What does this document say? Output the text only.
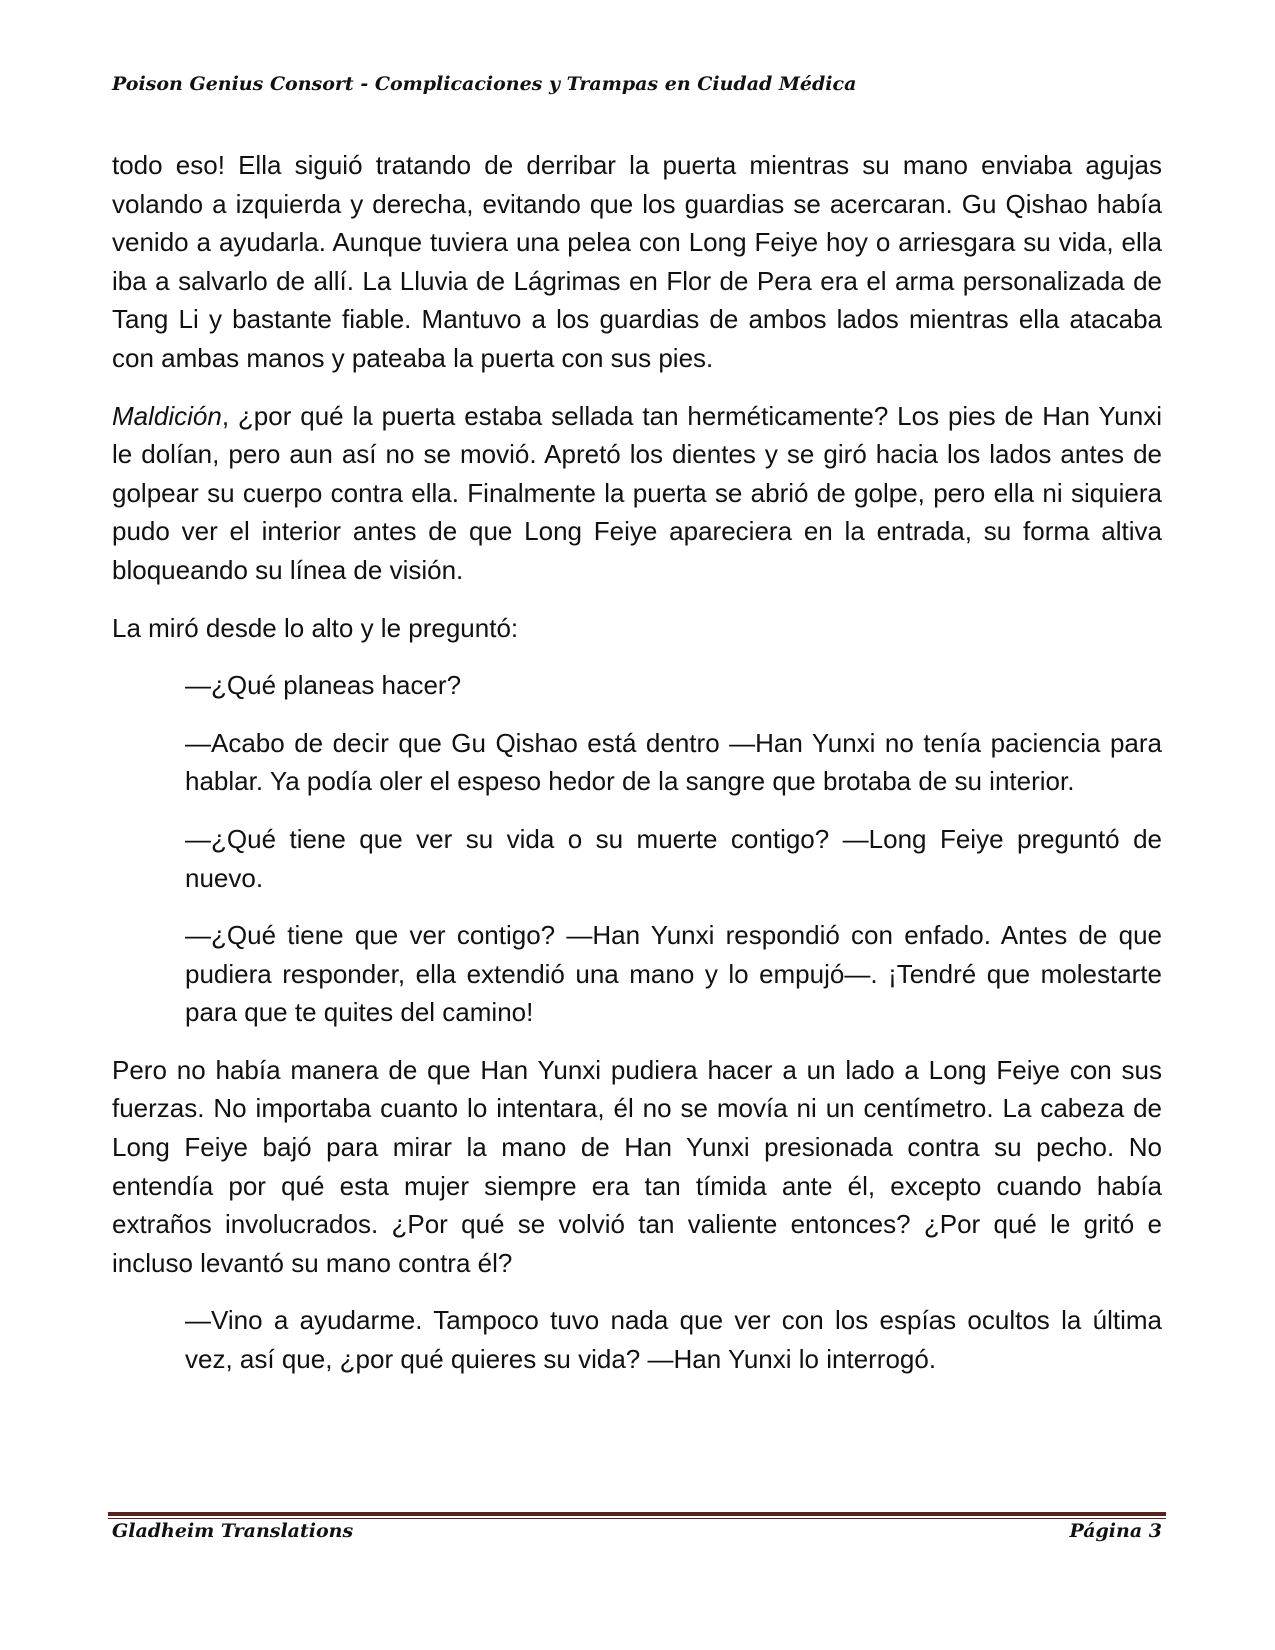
Poison Genius Consort - Complicaciones y Trampas en Ciudad Médica

todo eso! Ella siguió tratando de derribar la puerta mientras su mano enviaba agujas volando a izquierda y derecha, evitando que los guardias se acercaran. Gu Qishao había venido a ayudarla. Aunque tuviera una pelea con Long Feiye hoy o arriesgara su vida, ella iba a salvarlo de allí. La Lluvia de Lágrimas en Flor de Pera era el arma personalizada de Tang Li y bastante fiable. Mantuvo a los guardias de ambos lados mientras ella atacaba con ambas manos y pateaba la puerta con sus pies.

Maldición, ¿por qué la puerta estaba sellada tan herméticamente? Los pies de Han Yunxi le dolían, pero aun así no se movió. Apretó los dientes y se giró hacia los lados antes de golpear su cuerpo contra ella. Finalmente la puerta se abrió de golpe, pero ella ni siquiera pudo ver el interior antes de que Long Feiye apareciera en la entrada, su forma altiva bloqueando su línea de visión.

La miró desde lo alto y le preguntó:

—¿Qué planeas hacer?

—Acabo de decir que Gu Qishao está dentro —Han Yunxi no tenía paciencia para hablar. Ya podía oler el espeso hedor de la sangre que brotaba de su interior.

—¿Qué tiene que ver su vida o su muerte contigo? —Long Feiye preguntó de nuevo.

—¿Qué tiene que ver contigo? —Han Yunxi respondió con enfado. Antes de que pudiera responder, ella extendió una mano y lo empujó—. ¡Tendré que molestarte para que te quites del camino!

Pero no había manera de que Han Yunxi pudiera hacer a un lado a Long Feiye con sus fuerzas. No importaba cuanto lo intentara, él no se movía ni un centímetro. La cabeza de Long Feiye bajó para mirar la mano de Han Yunxi presionada contra su pecho. No entendía por qué esta mujer siempre era tan tímida ante él, excepto cuando había extraños involucrados. ¿Por qué se volvió tan valiente entonces? ¿Por qué le gritó e incluso levantó su mano contra él?

—Vino a ayudarme. Tampoco tuvo nada que ver con los espías ocultos la última vez, así que, ¿por qué quieres su vida? —Han Yunxi lo interrogó.

Gladheim Translations	Página 3
